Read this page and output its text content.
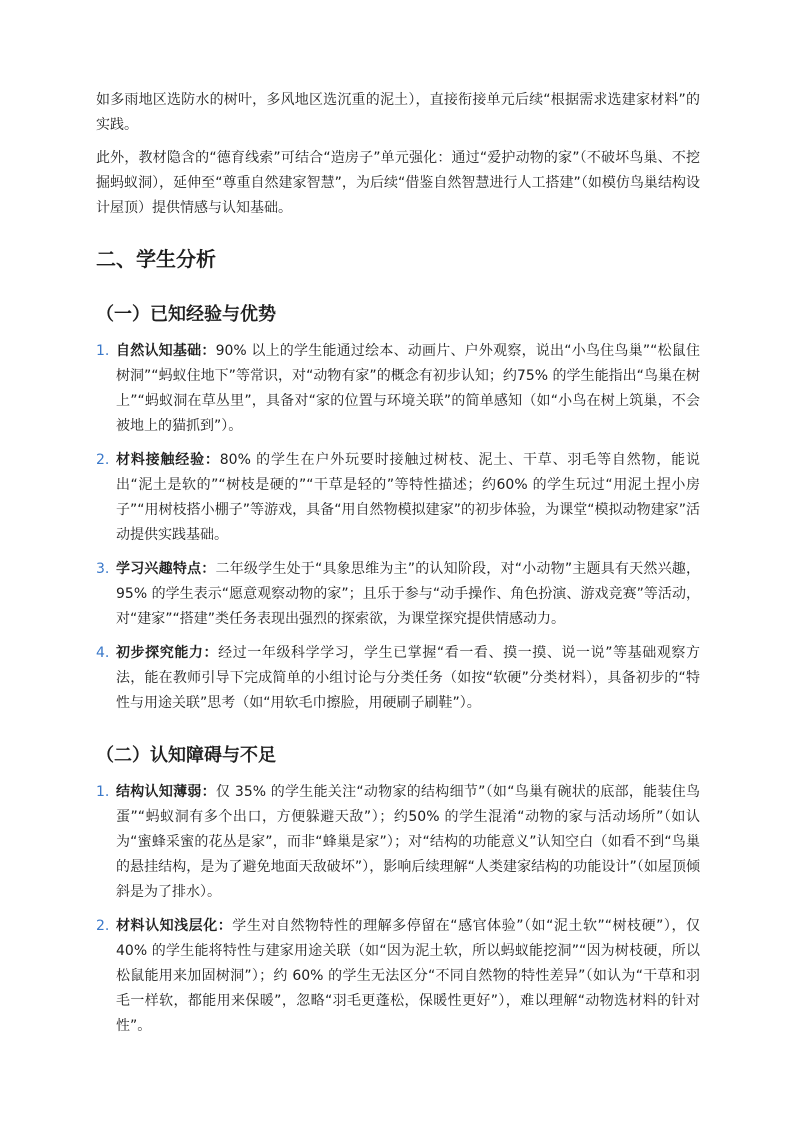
如多雨地区选防水的树叶，多风地区选沉重的泥土），直接衔接单元后续“根据需求选建家材料”的实践。

此外，教材隐含的“德育线索”可结合“造房子”单元强化：通过“爱护动物的家”（不破坏鸟巢、不挖掘蚂蚁洞），延伸至“尊重自然建家智慧”，为后续“借鉴自然智慧进行人工搭建”（如模仿鸟巢结构设计屋顶）提供情感与认知基础。

二、学生分析
（一）已知经验与优势
1. 自然认知基础：90% 以上的学生能通过绘本、动画片、户外观察，说出“小鸟住鸟巢”“松鼠住树洞”“蚂蚁住地下”等常识，对“动物有家”的概念有初步认知；约75% 的学生能指出“鸟巢在树上”“蚂蚁洞在草丛里”，具备对“家的位置与环境关联”的简单感知（如“小鸟在树上筑巢，不会被地上的猫抓到”）。
2. 材料接触经验：80% 的学生在户外玩要时接触过树枝、泥土、干草、羽毛等自然物，能说出“泥土是软的”“树枝是硬的”“干草是轻的”等特性描述；约60% 的学生玩过“用泥土捏小房子”“用树枝搭小棚子”等游戏，具备“用自然物模拟建家”的初步体验，为课堂“模拟动物建家”活动提供实践基础。
3. 学习兴趣特点：二年级学生处于“具象思维为主”的认知阶段，对“小动物”主题具有天然兴趣，95% 的学生表示“愿意观察动物的家”；且乐于参与“动手操作、角色扮演、游戏竞赛”等活动，对“建家”“搭建”类任务表现出强烈的探索欲，为课堂探究提供情感动力。
4. 初步探究能力：经过一年级科学学习，学生已掌握“看一看、摸一摸、说一说”等基础观察方法，能在教师引导下完成简单的小组讨论与分类任务（如按“软硬”分类材料），具备初步的“特性与用途关联”思考（如“用软毛巾擦脸，用硬刷子刷鞋”）。
（二）认知障碍与不足
1. 结构认知薄弱：仅 35% 的学生能关注“动物家的结构细节”（如“鸟巢有碗状的底部，能装住鸟蛋”“蚂蚁洞有多个出口，方便躲避天敌”）；约50% 的学生混淆“动物的家与活动场所”（如认为“蜜蜂采蜜的花丛是家”，而非“蜂巢是家”）；对“结构的功能意义”认知空白（如看不到“鸟巢的悬挂结构，是为了避免地面天敌破坏”），影响后续理解“人类建家结构的功能设计”（如屋顶倾斜是为了排水）。
2. 材料认知浅层化：学生对自然物特性的理解多停留在“感官体验”（如“泥土软”“树枝硬”），仅 40% 的学生能将特性与建家用途关联（如“因为泥土软，所以蚂蚁能挖洞”“因为树枝硬，所以松鼠能用来加固树洞”）；约 60% 的学生无法区分“不同自然物的特性差异”（如认为“干草和羽毛一样软，都能用来保暖”，忽略“羽毛更蓬松，保暖性更好”），难以理解“动物选材料的针对性”。
